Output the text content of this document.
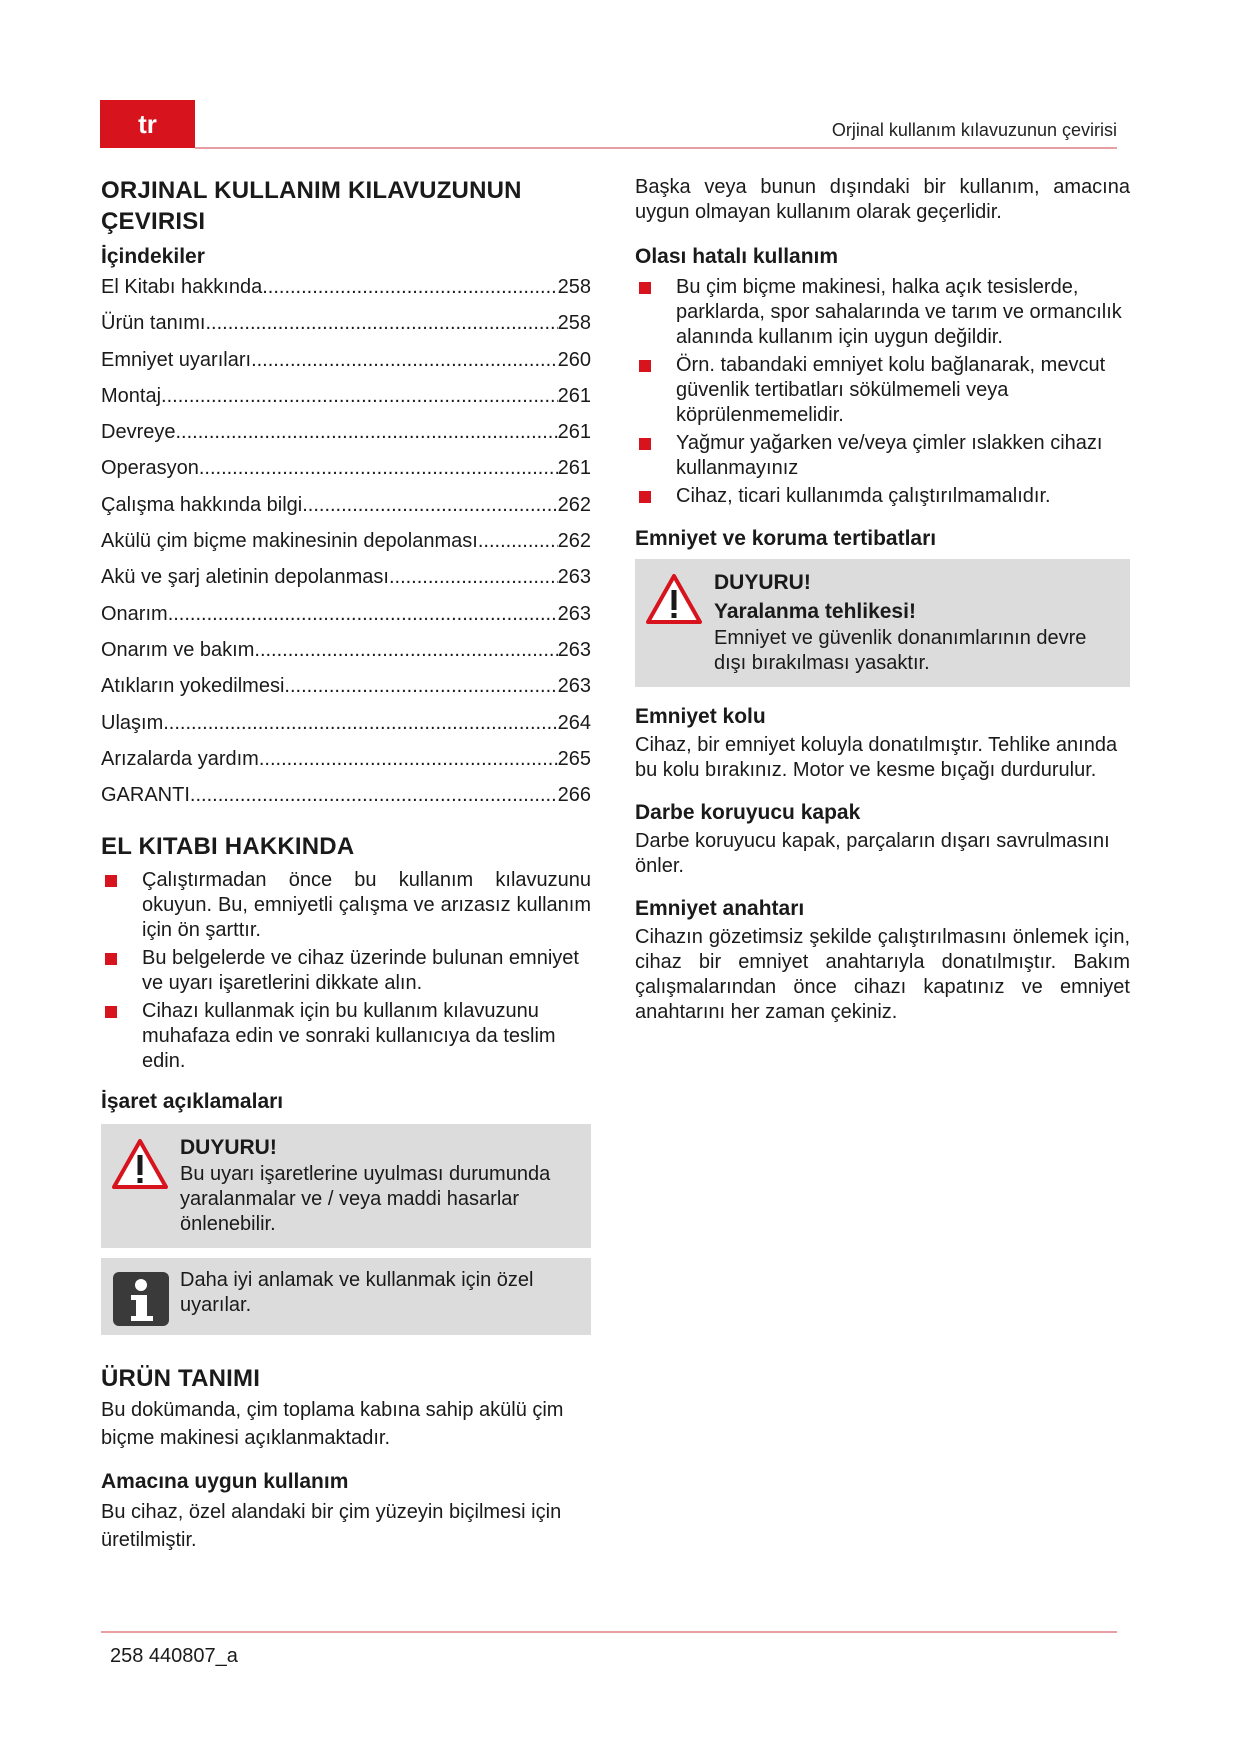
tr	Orjinal kullanım kılavuzunun çevirisi
ORJINAL KULLANIM KILAVUZUNUN ÇEVIRISI
İçindekiler
El Kitabı hakkında .....	258
Ürün tanımı .....	258
Emniyet uyarıları .....	260
Montaj .....	261
Devreye .....	261
Operasyon .....	261
Çalışma hakkında bilgi .....	262
Akülü çim biçme makinesinin depolanması .....	262
Akü ve şarj aletinin depolanması .....	263
Onarım .....	263
Onarım ve bakım .....	263
Atıkların yokedilmesi .....	263
Ulaşım .....	264
Arızalarda yardım .....	265
GARANTI .....	266
EL KITABI HAKKINDA
Çalıştırmadan önce bu kullanım kılavuzunu okuyun. Bu, emniyetli çalışma ve arızasız kullanım için ön şarttır.
Bu belgelerde ve cihaz üzerinde bulunan emniyet ve uyarı işaretlerini dikkate alın.
Cihazı kullanmak için bu kullanım kılavuzunu muhafaza edin ve sonraki kullanıcıya da teslim edin.
İşaret açıklamaları
DUYURU!

Bu uyarı işaretlerine uyulması durumunda yaralanmalar ve / veya maddi hasarlar önlenebilir.

Daha iyi anlamak ve kullanmak için özel uyarılar.

ÜRÜN TANIMI

Bu dokümanda, çim toplama kabına sahip akülü çim biçme makinesi açıklanmaktadır.

Amacına uygun kullanım

Bu cihaz, özel alandaki bir çim yüzeyin biçilmesi için üretilmiştir.

Başka veya bunun dışındaki bir kullanım, amacına uygun olmayan kullanım olarak geçerlidir.

Olası hatalı kullanım
Bu çim biçme makinesi, halka açık tesislerde, parklarda, spor sahalarında ve tarım ve ormancılık alanında kullanım için uygun değildir.
Örn. tabandaki emniyet kolu bağlanarak, mevcut güvenlik tertibatları sökülmemeli veya köprülenmemelidir.
Yağmur yağarken ve/veya çimler ıslakken cihazı kullanmayınız
Cihaz, ticari kullanımda çalıştırılmamalıdır.
Emniyet ve koruma tertibatları
DUYURU!
Yaralanma tehlikesi!

Emniyet ve güvenlik donanımlarının devre dışı bırakılması yasaktır.

Emniyet kolu

Cihaz, bir emniyet koluyla donatılmıştır. Tehlike anında bu kolu bırakınız. Motor ve kesme bıçağı durdurulur.

Darbe koruyucu kapak

Darbe koruyucu kapak, parçaların dışarı savrulmasını önler.

Emniyet anahtarı

Cihazın gözetimsiz şekilde çalıştırılmasını önlemek için, cihaz bir emniyet anahtarıyla donatılmıştır. Bakım çalışmalarından önce cihazı kapatınız ve emniyet anahtarını her zaman çekiniz.

258 440807_a
